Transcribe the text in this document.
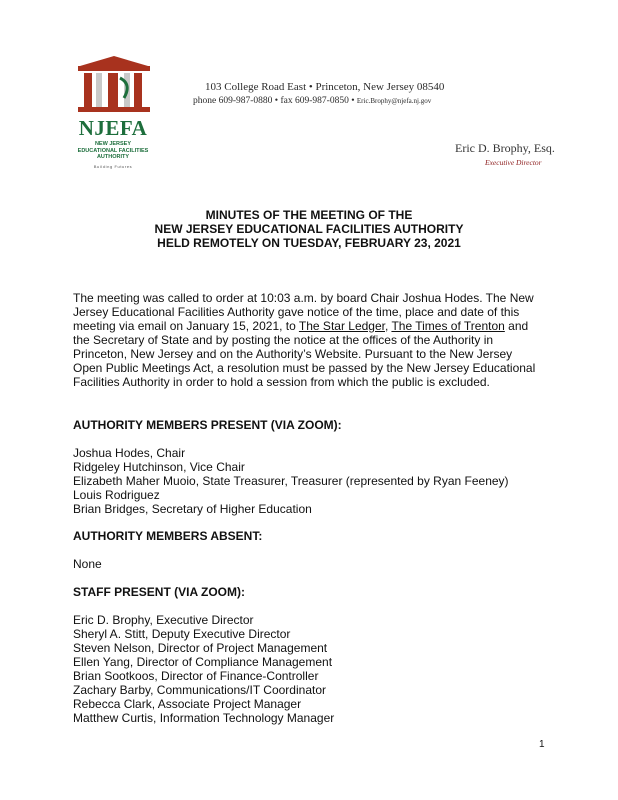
NJEFA
NEW JERSEY EDUCATIONAL FACILITIES AUTHORITY
Building Futures
103 College Road East • Princeton, New Jersey 08540
phone 609-987-0880 • fax 609-987-0850 • Eric.Brophy@njefa.nj.gov
Eric D. Brophy, Esq.
Executive Director
MINUTES OF THE MEETING OF THE
NEW JERSEY EDUCATIONAL FACILITIES AUTHORITY
HELD REMOTELY ON TUESDAY, FEBRUARY 23, 2021
The meeting was called to order at 10:03 a.m. by board Chair Joshua Hodes. The New
Jersey Educational Facilities Authority gave notice of the time, place and date of this
meeting via email on January 15, 2021, to The Star Ledger, The Times of Trenton and
the Secretary of State and by posting the notice at the offices of the Authority in
Princeton, New Jersey and on the Authority’s Website. Pursuant to the New Jersey
Open Public Meetings Act, a resolution must be passed by the New Jersey Educational
Facilities Authority in order to hold a session from which the public is excluded.
AUTHORITY MEMBERS PRESENT (VIA ZOOM):
Joshua Hodes, Chair
Ridgeley Hutchinson, Vice Chair
Elizabeth Maher Muoio, State Treasurer, Treasurer (represented by Ryan Feeney)
Louis Rodriguez
Brian Bridges, Secretary of Higher Education
AUTHORITY MEMBERS ABSENT:
None
STAFF PRESENT (VIA ZOOM):
Eric D. Brophy, Executive Director
Sheryl A. Stitt, Deputy Executive Director
Steven Nelson, Director of Project Management
Ellen Yang, Director of Compliance Management
Brian Sootkoos, Director of Finance-Controller
Zachary Barby, Communications/IT Coordinator
Rebecca Clark, Associate Project Manager
Matthew Curtis, Information Technology Manager
1
